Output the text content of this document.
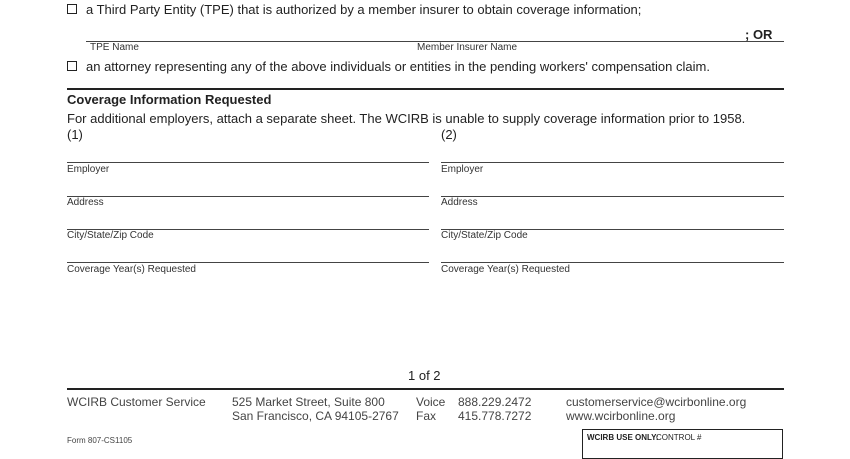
a Third Party Entity (TPE) that is authorized by a member insurer to obtain coverage information;
TPE Name	Member Insurer Name
; OR
an attorney representing any of the above individuals or entities in the pending workers' compensation claim.
Coverage Information Requested
For additional employers, attach a separate sheet. The WCIRB is unable to supply coverage information prior to 1958.
(1)	(2)
Employer	Employer
Address	Address
City/State/Zip Code	City/State/Zip Code
Coverage Year(s) Requested	Coverage Year(s) Requested
1 of 2
WCIRB Customer Service 525 Market Street, Suite 800
San Francisco, CA 94105-2767
Voice 888.229.2472
Fax 415.778.7272
customerservice@wcirbonline.org
www.wcirbonline.org
Form 807-CS1105	WCIRB USE ONLY:
CONTROL #
